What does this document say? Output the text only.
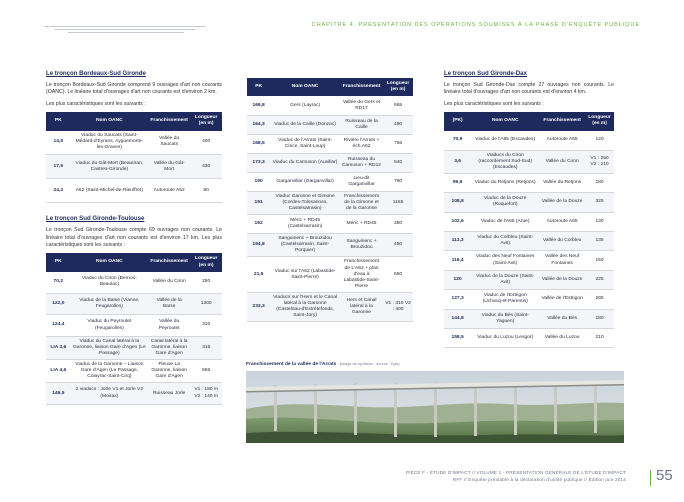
CHAPITRE 4. PRÉSENTATION DES OPÉRATIONS SOUMISES À LA PHASE D'ENQUÊTE PUBLIQUE
Le tronçon Bordeaux-Sud Gironde
Le tronçon Bordeaux-Sud Gironde comprend 9 ouvrages d'art non courants (OANC). Le linéaire total d'ouvrages d'art non courants est d'environ 2 km.
Les plus caractéristiques sont les suivants :
PK	Nom OANC	Franchissement	Longueur (en m)
14,5	Viaduc du Saucats (Saint-Médard-d'Eyrans, Ayguemorte-les-Graves)	Vallée du Saucats	400
17,5	Viaduc du Gât-Mort (Beautiran, Castres-Gironde)	Vallée du Gât-Mort	430
24,2	A62 (Saint-Michel-de-Rieuffret)	Autoroute A62	90
Le tronçon Sud Gironde-Toulouse
Le tronçon Sud Gironde-Toulouse compte 69 ouvrages non courants. Le linéaire total d'ouvrages d'art non courants est d'environ 17 km. Les plus caractéristiques sont les suivants :
PK	Nom OANC	Franchissement	Longueur (en m)
70,2	Viaduc du Ciron (Bernos-Beaulac)	Vallée du Ciron	250
122,0	Viaduc de la Baïse (Vianne, Feugarolles)	Vallée de la Baïse	1300
124,4	Viaduc du Peyroutet (Feugarolles)	Vallée du Peyroutet	310
LIA 3,6	Viaduc du Canal latéral à la Garonne, liaison Gare d'Agen (Le Passage)	Canal latéral à la Garonne, liaison Gare d'Agen	315
LIA 4,6	Viaduc de la Garonne – Liaison Gare d'Agen (Le Passage, Colayrac-Saint-Cirq)	Fleuve La Garonne, liaison Gare d'Agen	565
146,5	2 viaducs : Jorle V1 et Jorle V2 (Moirax)	Ruisseau Jorle	V1 : 180 m V2 : 140 m
PK	Nom OANC	Franchissement	Longueur (en m)
169,8	Gers (Layrac)	Vallée du Gers et RD17	565
164,3	Viaduc de la Caille (Donzac)	Ruisseau de la Caille	490
168,5	Viaduc de l'Arrats (Saint-Cirice, Saint-Loup)	Rivière l'Arrats + éch.A62	755
173,3	Viaduc du Camuson (Auvillar)	Ruisseau du Camuson + RD12	540
190	Garganvillar (Garganvillar)	Lieu-dit Garganvillar	790
191	Viaduc Garonne et Gimone (Cordes-Tolosannes, Castelsarrasin)	Franchissement de la Gimone et de la Garonne	1165
192	Méric + RD45 (Castelsarrasin)	Méric + RD45	350
194,8	Sanguinenc + Brouzidou (Castelsarrasin, Saint-Porquier)	Sanguinenc + Brouzidou	450
21,5	Viaduc sur l'A62 (Labastide-Saint-Pierre)	Franchissement de L'A62 + plan d'eau à Labastide-Saint-Pierre	650
233,3	Viaducs sur l'Hers et le Canal latéral à la Garonne (Castelnau-d'Estrétefonds, Saint-Jory)	Hers et Canal latéral à la Garonne	V1 : 310 V2 : 400
Le tronçon Sud Gironde-Dax
Le tronçon Sud Gironde-Dax compte 27 ouvrages non courants. Le linéaire total d'ouvrages d'art non courants est d'environ 4 km.
Les plus caractéristiques sont les suivants :
(PK)	Nom OANC	Franchissement	Longueur (en m)
70,9	Viaduc de l'A65 (Escaudes)	Autoroute A65	120
3,6	Viaducs du Ciron (raccordement Sud-Sud) (Escaudes)	Vallée du Ciron	V1 : 250 V2 : 210
99,6	Viaduc du Retjons (Retjons)	Vallée du Retjons	180
108,8	Viaduc de la Douze (Roquefort)	Vallée de la Douze	325
102,6	Viaduc de l'A65 (Arue)	Autoroute A65	130
113,3	Viaduc du Corbleu (Saint-Avit)	Vallée du Corbleu	135
116,4	Viaduc des Neuf Fontaines (Saint-Avit)	Vallée des Neuf Fontaines	150
120	Viaduc de la Douze (Saint-Avit)	Vallée de la Douze	225
127,3	Viaduc de l'Estrigon (Uchacq-et-Parentis)	Vallée de l'Estrigon	205
144,8	Viaduc du Bès (Saint-Yaguen)	Vallée du Bès	180
158,5	Viaduc du Luzou (Lesgor)	Vallée du Luzou	210
Franchissement de la vallée de l'Arrats (Image de synthèse - source : Egis)
PIÈCE F - ÉTUDE D'IMPACT // VOLUME 1 - PRÉSENTATION GÉNÉRALE DE L'ÉTUDE D'IMPACT
RFF // Enquête préalable à la déclaration d'utilité publique // Édition juin 2014 55
